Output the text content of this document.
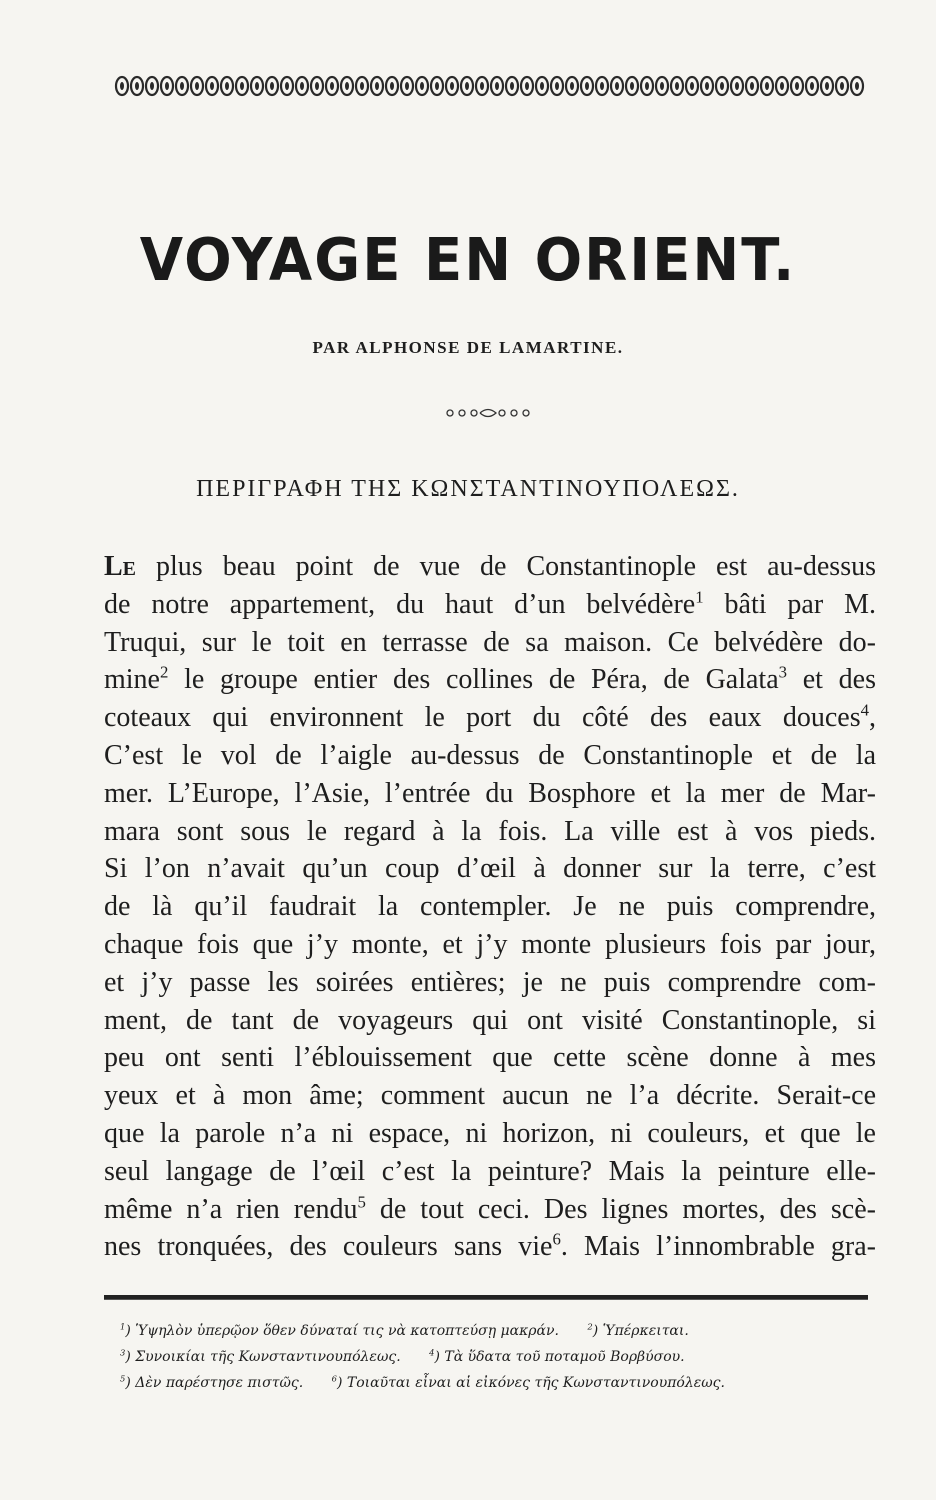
VOYAGE EN ORIENT.
PAR ALPHONSE DE LAMARTINE.
ΠΕΡΙΓΡΑΦΗ ΤΗΣ ΚΩΝΣΤΑΝΤΙΝΟΥΠΟΛΕΩΣ.
Le plus beau point de vue de Constantinople est au-dessus
de notre appartement, du haut d’un belvédère$^1$ bâti par M.
Truqui, sur le toit en terrasse de sa maison. Ce belvédère do-
mine$^2$ le groupe entier des collines de Péra, de Galata$^3$ et des
coteaux qui environnent le port du côté des eaux douces$^4$,
C’est le vol de l’aigle au-dessus de Constantinople et de la
mer. L’Europe, l’Asie, l’entrée du Bosphore et la mer de Mar-
mara sont sous le regard à la fois. La ville est à vos pieds.
Si l’on n’avait qu’un coup d’œil à donner sur la terre, c’est
de là qu’il faudrait la contempler. Je ne puis comprendre,
chaque fois que j’y monte, et j’y monte plusieurs fois par jour,
et j’y passe les soirées entières; je ne puis comprendre com-
ment, de tant de voyageurs qui ont visité Constantinople, si
peu ont senti l’éblouissement que cette scène donne à mes
yeux et à mon âme; comment aucun ne l’a décrite. Serait-ce
que la parole n’a ni espace, ni horizon, ni couleurs, et que le
seul langage de l’œil c’est la peinture? Mais la peinture elle-
même n’a rien rendu$^5$ de tout ceci. Des lignes mortes, des scè-
nes tronquées, des couleurs sans vie$^6$. Mais l’innombrable gra-
$^1$) Ὑψηλὸν ὑπερῷον ὅθεν δύναταί τις νὰ κατοπτεύσῃ μακράν.	$^2$) Ὑπέρκειται.
$^3$) Συνοικίαι τῆς Κωνσταντινουπόλεως.	$^4$) Τὰ ὕδατα τοῦ ποταμοῦ Βορβύσου.
$^5$) Δὲν παρέστησε πιστῶς.	$^6$) Τοιαῦται εἶναι αἱ εἰκόνες τῆς Κωνσταντινουπόλεως.
